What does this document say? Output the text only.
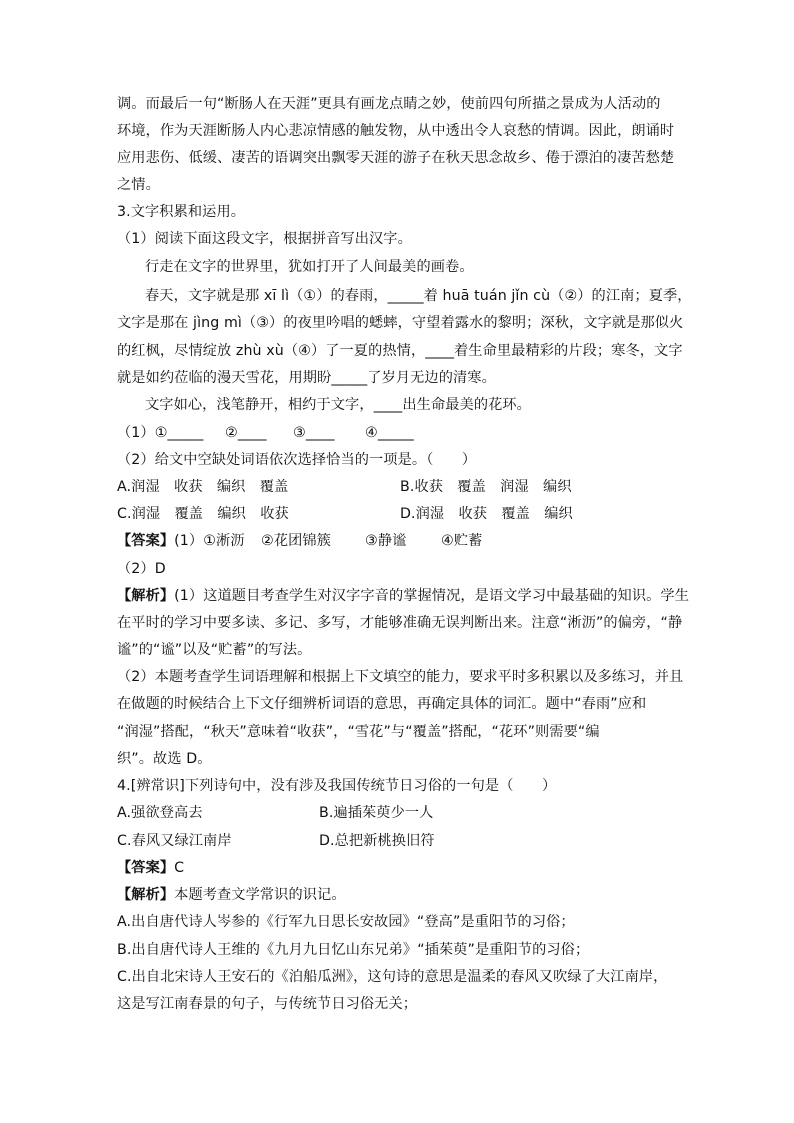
调。而最后一句“断肠人在天涯”更具有画龙点睛之妙，使前四句所描之景成为人活动的
环境，作为天涯断肠人内心悲凉情感的触发物，从中透出令人哀愁的情调。因此，朗诵时
应用悲伤、低缓、凄苦的语调突出飘零天涯的游子在秋天思念故乡、倦于漂泊的凄苦愁楚
之情。
3.文字积累和运用。
（1）阅读下面这段文字，根据拼音写出汉字。
行走在文字的世界里，犹如打开了人间最美的画卷。
春天，文字就是那 xī lì（①）的春雨，_____着 huā tuán jǐn cù（②）的江南；夏季，
文字是那在 jìng mì（③）的夜里吟唱的蟋蟀，守望着露水的黎明；深秋，文字就是那似火
的红枫，尽情绽放 zhù xù（④）了一夏的热情，____着生命里最精彩的片段；寒冬，文字
就是如约莅临的漫天雪花，用期盼_____了岁月无边的清寒。
文字如心，浅笔静开，相约于文字，____出生命最美的花环。
（1）①_____ ②____ ③____ ④_____
（2）给文中空缺处词语依次选择恰当的一项是。（　　）
A.润湿　收获　编织　覆盖	B.收获　覆盖　润湿　编织
C.润湿　覆盖　编织　收获	D.润湿　收获　覆盖　编织
【答案】(1）①淅沥 ②花团锦簇 ③静谧 ④贮蓄
（2）D
【解析】(1）这道题目考查学生对汉字字音的掌握情况，是语文学习中最基础的知识。学生
在平时的学习中要多读、多记、多写，才能够准确无误判断出来。注意“淅沥”的偏旁，“静
谧”的“谧”以及“贮蓄”的写法。
（2）本题考查学生词语理解和根据上下文填空的能力，要求平时多积累以及多练习，并且
在做题的时候结合上下文仔细辨析词语的意思，再确定具体的词汇。题中“春雨”应和
“润湿”搭配，“秋天”意味着“收获”，“雪花”与“覆盖”搭配，“花环”则需要“编
织”。故选 D。
4.[辨常识]下列诗句中，没有涉及我国传统节日习俗的一句是（　　）
A.强欲登高去	B.遍插茱萸少一人
C.春风又绿江南岸	D.总把新桃换旧符
【答案】C
【解析】本题考查文学常识的识记。
A.出自唐代诗人岑参的《行军九日思长安故园》“登高”是重阳节的习俗；
B.出自唐代诗人王维的《九月九日忆山东兄弟》“插茱萸”是重阳节的习俗；
C.出自北宋诗人王安石的《泊船瓜洲》，这句诗的意思是温柔的春风又吹绿了大江南岸，
这是写江南春景的句子，与传统节日习俗无关；
